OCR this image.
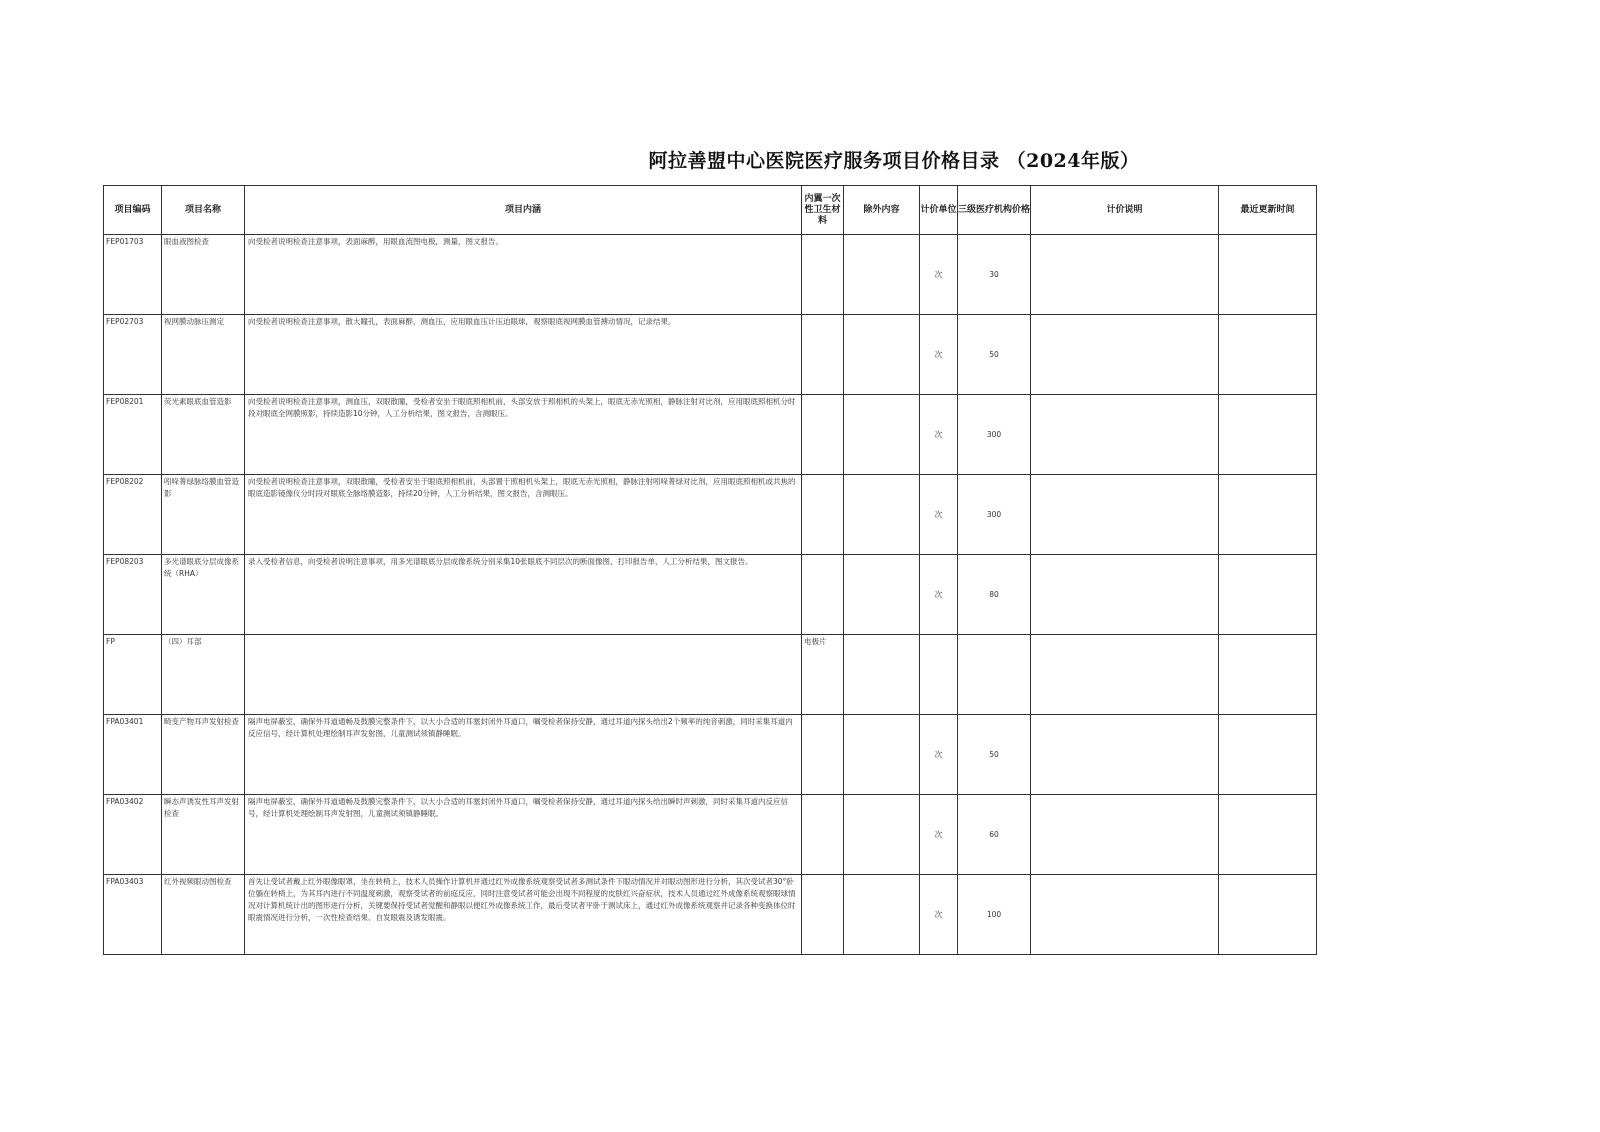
阿拉善盟中心医院医疗服务项目价格目录 （2024年版）
项目编码	项目名称	项目内涵	内翼一次性卫生材料	除外内容	计价单位	三级医疗机构价格	计价说明	最近更新时间
FEP01703	眼血液图检查	向受检者说明检查注意事项，表面麻醉，用眼血流图电极，测量，图文报告。			次	30		
FEP02703	视网膜动脉压测定	向受检者说明检查注意事项，散大瞳孔，表面麻醉，测血压，应用眼血压计压迫眼球，观察眼底视网膜血管搏动情况，记录结果。			次	50		
FEP08201	荧光素眼底血管造影	向受检者说明检查注意事项，测血压，双眼散瞳，受检者安坐于眼底照相机前，头部安放于照相机的头架上，眼底无赤光照相，静脉注射对比剂，应用眼底照相机分时段对眼底全网膜照影，持续造影10分钟，人工分析结果，图文报告，含测眼压。			次	300		
FEP08202	吲哚菁绿脉络膜血管造影	向受检者说明检查注意事项，双眼散瞳，受检者安坐于眼底照相机前，头部置于照相机头架上，眼底无赤光照相，静脉注射吲哚菁绿对比剂，应用眼底照相机或共焦的眼底造影镜像仪分时段对眼底全脉络膜造影，持续20分钟，人工分析结果，图文报告，含测眼压。			次	300		
FEP08203	多光谱眼底分层成像系统（RHA）	录入受检者信息，向受检者说明注意事项，用多光谱眼底分层成像系统分别采集10张眼底不同层次的断面像图，打印报告单，人工分析结果，图文报告。			次	80		
FP	（四）耳部		电极片					
FPA03401	畸变产物耳声发射检查	隔声电屏蔽室，确保外耳道通畅及鼓膜完整条件下，以大小合适的耳塞封闭外耳道口，嘱受检者保持安静，通过耳道内探头给出2个频率的纯音刺激，同时采集耳道内反应信号，经计算机处理绘制耳声发射图，儿童测试须镇静睡眠。			次	50		
FPA03402	瞬态声诱发性耳声发射检查	隔声电屏蔽室，确保外耳道通畅及鼓膜完整条件下，以大小合适的耳塞封闭外耳道口，嘱受检者保持安静，通过耳道内探头给出瞬时声刺激，同时采集耳道内反应信号，经计算机处理绘制耳声发射图，儿童测试须镇静睡眠。			次	60		
FPA03403	红外视频眼动图检查	首先让受试者戴上红外眼像眼罩，坐在转椅上，技术人员操作计算机并通过红外成像系统观察受试者多测试条件下眼动情况并对眼动图形进行分析，其次受试者30°卧位躺在转椅上，为其耳内进行不同温度刺激，观察受试者的前庭反应，同时注意受试者可能会出现不同程度的皮肤红兴奋症状，技术人员通过红外成像系统观察眼球情况对计算机统计出的图形进行分析，关键要保持受试者觉醒和静眼以便红外成像系统工作，最后受试者平卧于测试床上，通过红外成像系统观察并记录各种变换体位时眼震情况进行分析，一次性检查结果、自发眼震及诱发眼震。			次	100		
